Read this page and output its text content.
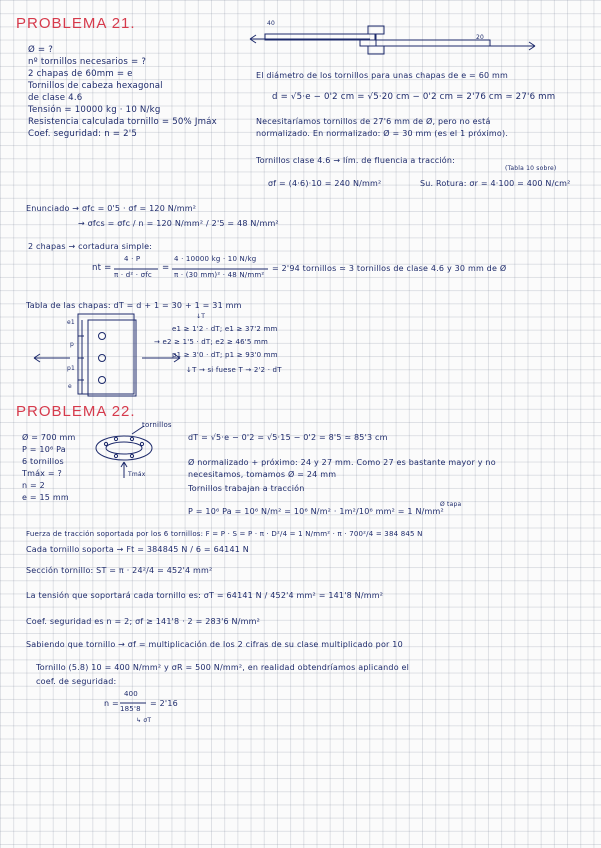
PROBLEMA 21.
Ø = ?
nº tornillos necesarios = ?
2 chapas de 60mm = e
Tornillos de cabeza hexagonal
de clase 4.6
Tensión = 10000 kg · 10 N/kg
Resistencia calculada tornillo = 50% Jmáx
Coef. seguridad: n = 2'5
40
20
El diámetro de los tornillos para unas chapas de e = 60 mm
d = √5·e − 0'2 cm = √5·20 cm − 0'2 cm = 2'76 cm ≃ 27'6 mm
Necesitaríamos tornillos de 27'6 mm de Ø, pero no está
normalizado. En normalizado: Ø = 30 mm (es el 1 próximo).
Tornillos clase 4.6 → lím. de fluencia a tracción:
(Tabla 10 sobre)
σf = (4·6)·10 = 240 N/mm²	Su. Rotura: σr = 4·100 = 400 N/cm²
Enunciado → σfc = 0'5 · σf = 120 N/mm²
→ σfcs = σfc / n = 120 N/mm² / 2'5 = 48 N/mm²
2 chapas → cortadura simple:
nt =
4 · P
π · d² · σfc
=
4 · 10000 kg · 10 N/kg
π · (30 mm)² · 48 N/mm²
= 2'94 tornillos ≃ 3 tornillos de clase 4.6 y 30 mm de Ø
Tabla de las chapas: dT = d + 1 = 30 + 1 = 31 mm
e1
p
p1
e
↓T
e1 ≥ 1'2 · dT; e1 ≥ 37'2 mm
→ e2 ≥ 1'5 · dT; e2 ≥ 46'5 mm
p1 ≥ 3'0 · dT; p1 ≥ 93'0 mm
↓T → si fuese T → 2'2 · dT
PROBLEMA 22.
Ø = 700 mm
P = 10⁶ Pa
6 tornillos
Tmáx = ?
n = 2
e = 15 mm
tornillos
Tmáx
dT = √5·e − 0'2 = √5·15 − 0'2 = 8'5 ≃ 85'3 cm
Ø normalizado + próximo: 24 y 27 mm. Como 27 es bastante mayor y no
necesitamos, tomamos Ø = 24 mm
Tornillos trabajan a tracción
P = 10⁶ Pa = 10⁶ N/m² = 10⁶ N/m² · 1m²/10⁶ mm² = 1 N/mm²
Ø tapa
Fuerza de tracción soportada por los 6 tornillos: F = P · S = P · π · D²/4 = 1 N/mm² · π · 700²/4 = 384 845 N
Cada tornillo soporta → Ft = 384845 N / 6 = 64141 N
Sección tornillo: ST = π · 24²/4 = 452'4 mm²
La tensión que soportará cada tornillo es: σT = 64141 N / 452'4 mm² = 141'8 N/mm²
Coef. seguridad es n = 2; σf ≥ 141'8 · 2 = 283'6 N/mm²
Sabiendo que tornillo → σf = multiplicación de los 2 cifras de su clase multiplicado por 10
Tornillo (5.8) 10 = 400 N/mm² y σR = 500 N/mm², en realidad obtendríamos aplicando el
coef. de seguridad:
n =
400
185'8
= 2'16
↳ σT
